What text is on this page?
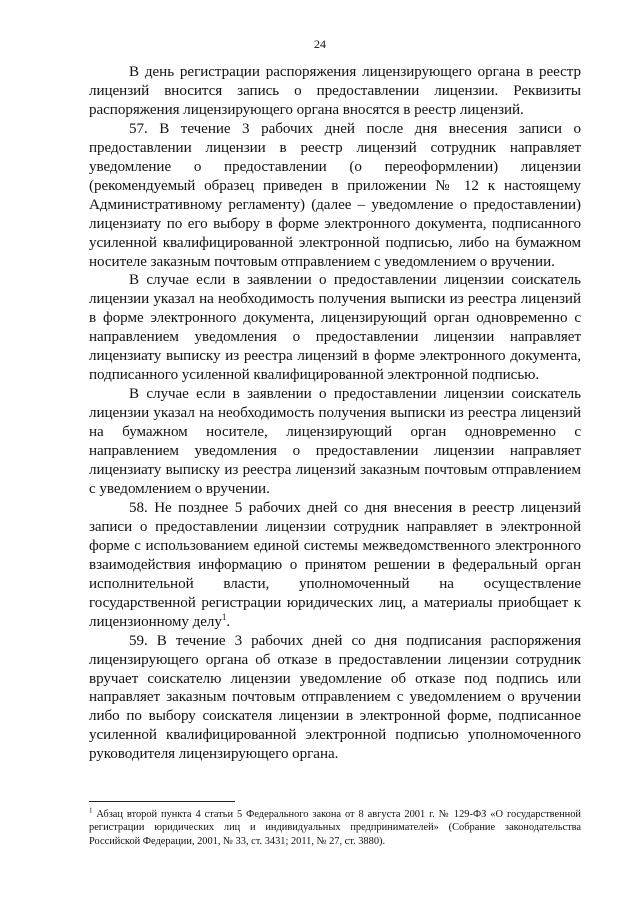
24

В день регистрации распоряжения лицензирующего органа в реестр лицензий вносится запись о предоставлении лицензии. Реквизиты распоряжения лицензирующего органа вносятся в реестр лицензий.

57. В течение 3 рабочих дней после дня внесения записи о предоставлении лицензии в реестр лицензий сотрудник направляет уведомление о предоставлении (о переоформлении) лицензии (рекомендуемый образец приведен в приложении № 12 к настоящему Административному регламенту) (далее – уведомление о предоставлении) лицензиату по его выбору в форме электронного документа, подписанного усиленной квалифицированной электронной подписью, либо на бумажном носителе заказным почтовым отправлением с уведомлением о вручении.

В случае если в заявлении о предоставлении лицензии соискатель лицензии указал на необходимость получения выписки из реестра лицензий в форме электронного документа, лицензирующий орган одновременно с направлением уведомления о предоставлении лицензии направляет лицензиату выписку из реестра лицензий в форме электронного документа, подписанного усиленной квалифицированной электронной подписью.

В случае если в заявлении о предоставлении лицензии соискатель лицензии указал на необходимость получения выписки из реестра лицензий на бумажном носителе, лицензирующий орган одновременно с направлением уведомления о предоставлении лицензии направляет лицензиату выписку из реестра лицензий заказным почтовым отправлением с уведомлением о вручении.

58. Не позднее 5 рабочих дней со дня внесения в реестр лицензий записи о предоставлении лицензии сотрудник направляет в электронной форме с использованием единой системы межведомственного электронного взаимодействия информацию о принятом решении в федеральный орган исполнительной власти, уполномоченный на осуществление государственной регистрации юридических лиц, а материалы приобщает к лицензионному делу$^1$.

59. В течение 3 рабочих дней со дня подписания распоряжения лицензирующего органа об отказе в предоставлении лицензии сотрудник вручает соискателю лицензии уведомление об отказе под подпись или направляет заказным почтовым отправлением с уведомлением о вручении либо по выбору соискателя лицензии в электронной форме, подписанное усиленной квалифицированной электронной подписью уполномоченного руководителя лицензирующего органа.

$^1$ Абзац второй пункта 4 статьи 5 Федерального закона от 8 августа 2001 г. № 129-ФЗ «О государственной регистрации юридических лиц и индивидуальных предпринимателей» (Собрание законодательства Российской Федерации, 2001, № 33, ст. 3431; 2011, № 27, ст. 3880).
